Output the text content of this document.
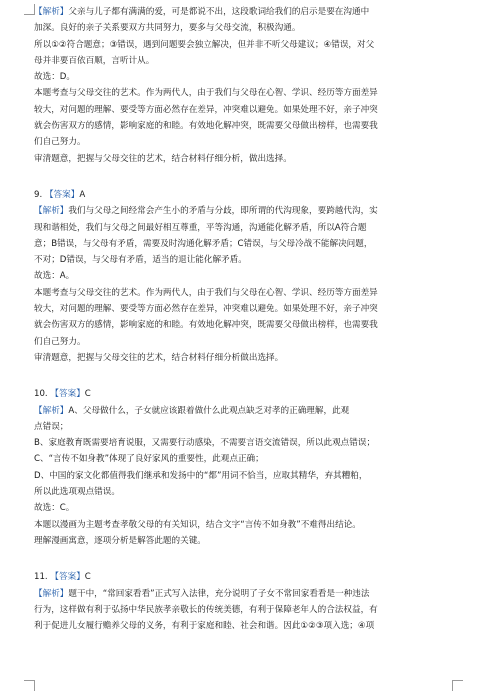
【解析】父亲与儿子都有满满的爱，可是都说不出，这段歌词给我们的启示是要在沟通中
加深。良好的亲子关系要双方共同努力，要多与父母交流，积极沟通。
所以①②符合题意；③错误，遇到问题要会独立解决，但并非不听父母建议；④错误，对父
母并非要百依百顺，言听计从。
故选：D。
本题考查与父母交往的艺术。作为两代人，由于我们与父母在心智、学识、经历等方面差异
较大，对问题的理解、要受等方面必然存在差异，冲突难以避免。如果处理不好，亲子冲突
就会伤害双方的感情，影响家庭的和睦。有效地化解冲突，既需要父母做出榜样，也需要我
们自己努力。
审清题意，把握与父母交往的艺术，结合材料仔细分析，做出选择。
9. 【答案】A
【解析】我们与父母之间经常会产生小的矛盾与分歧，即所谓的代沟现象，要跨越代沟，实
现和谐相处，我们与父母之间最好相互尊重，平等沟通，沟通能化解矛盾，所以A符合题
意；B错误，与父母有矛盾，需要及时沟通化解矛盾；C错误，与父母冷战不能解决问题，
不对；D错误，与父母有矛盾，适当的退让能化解矛盾。
故选：A。
本题考查与父母交往的艺术。作为两代人，由于我们与父母在心智、学识、经历等方面差异
较大，对问题的理解、要受等方面必然存在差异，冲突难以避免。如果处理不好，亲子冲突
就会伤害双方的感情，影响家庭的和睦。有效地化解冲突，既需要父母做出榜样，也需要我
们自己努力。
审清题意，把握与父母交往的艺术，结合材料仔细分析做出选择。
10. 【答案】C
【解析】A、父母做什么，子女就应该跟着做什么此观点缺乏对孝的正确理解，此观
点错误；
B、家庭教育既需要培育说服，又需要行动感染，不需要言语交流错误，所以此观点错误；
C、“言传不如身教”体现了良好家风的重要性，此观点正确；
D、中国的家文化都值得我们继承和发扬中的“都”用词不恰当，应取其精华，弃其糟粕，
所以此选项观点错误。
故选：C。
本题以漫画为主题考查孝敬父母的有关知识，结合文字“言传不如身教”不难得出结论。
理解漫画寓意，逐项分析是解答此题的关键。
11. 【答案】C
【解析】题干中，“常回家看看”正式写入法律，充分说明了子女不常回家看看是一种违法
行为，这样做有利于弘扬中华民族孝亲敬长的传统美德，有利于保障老年人的合法权益，有
利于促进儿女履行赡养父母的义务，有利于家庭和睦、社会和谐。因此①②③项入选；④项
